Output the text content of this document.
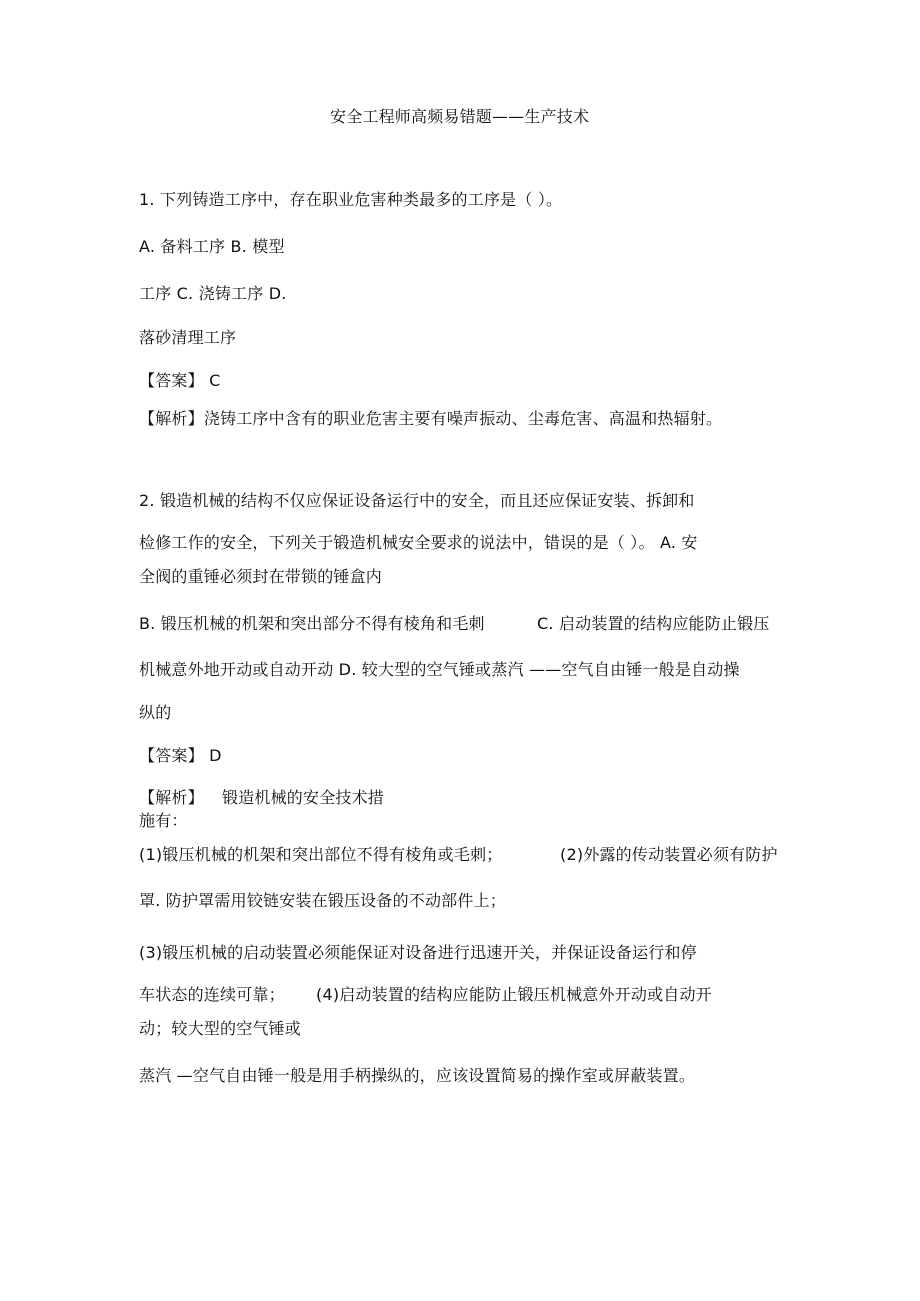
安全工程师高频易错题——生产技术
1. 下列铸造工序中，存在职业危害种类最多的工序是（ ）。
A. 备料工序 B. 模型
工序 C. 浇铸工序 D.
落砂清理工序
【答案】 C
【解析】浇铸工序中含有的职业危害主要有噪声振动、尘毒危害、高温和热辐射。
2. 锻造机械的结构不仅应保证设备运行中的安全，而且还应保证安装、拆卸和
检修工作的安全，下列关于锻造机械安全要求的说法中，错误的是（ ）。 A. 安
全阀的重锤必须封在带锁的锤盒内
B. 锻压机械的机架和突出部分不得有棱角和毛刺	C. 启动装置的结构应能防止锻压
机械意外地开动或自动开动 D. 较大型的空气锤或蒸汽 ——空气自由锤一般是自动操
纵的
【答案】 D
【解析】 锻造机械的安全技术措
施有：
(1)锻压机械的机架和突出部位不得有棱角或毛刺；	(2)外露的传动装置必须有防护
罩. 防护罩需用铰链安装在锻压设备的不动部件上；
(3)锻压机械的启动装置必须能保证对设备进行迅速开关，并保证设备运行和停
车状态的连续可靠； (4)启动装置的结构应能防止锻压机械意外开动或自动开
动；较大型的空气锤或
蒸汽 —空气自由锤一般是用手柄操纵的，应该设置简易的操作室或屏蔽装置。
